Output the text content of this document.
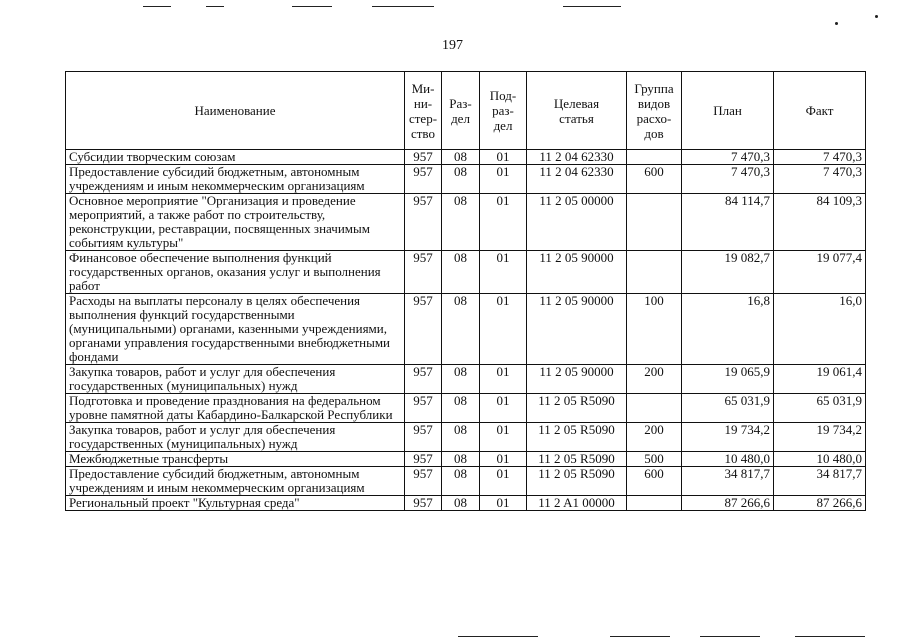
197
Наименование	Ми-
ни-
стер-
ство	Раз-
дел	Под-
раз-
дел	Целевая
статья	Группа
видов
расхо-
дов	План	Факт
Субсидии творческим союзам	957	08	01	11 2 04 62330		7 470,3	7 470,3
Предоставление субсидий бюджетным, автономным учреждениям и иным некоммерческим организациям	957	08	01	11 2 04 62330	600	7 470,3	7 470,3
Основное мероприятие "Организация и проведение мероприятий, а также работ по строительству, реконструкции, реставрации, посвященных значимым событиям культуры"	957	08	01	11 2 05 00000		84 114,7	84 109,3
Финансовое обеспечение выполнения функций государственных органов, оказания услуг и выполнения работ	957	08	01	11 2 05 90000		19 082,7	19 077,4
Расходы на выплаты персоналу в целях обеспечения выполнения функций государственными (муниципальными) органами, казенными учреждениями, органами управления государственными внебюджетными фондами	957	08	01	11 2 05 90000	100	16,8	16,0
Закупка товаров, работ и услуг для обеспечения государственных (муниципальных) нужд	957	08	01	11 2 05 90000	200	19 065,9	19 061,4
Подготовка и проведение празднования на федеральном уровне памятной даты Кабардино-Балкарской Республики	957	08	01	11 2 05 R5090		65 031,9	65 031,9
Закупка товаров, работ и услуг для обеспечения государственных (муниципальных) нужд	957	08	01	11 2 05 R5090	200	19 734,2	19 734,2
Межбюджетные трансферты	957	08	01	11 2 05 R5090	500	10 480,0	10 480,0
Предоставление субсидий бюджетным, автономным учреждениям и иным некоммерческим организациям	957	08	01	11 2 05 R5090	600	34 817,7	34 817,7
Региональный проект "Культурная среда"	957	08	01	11 2 A1 00000		87 266,6	87 266,6
